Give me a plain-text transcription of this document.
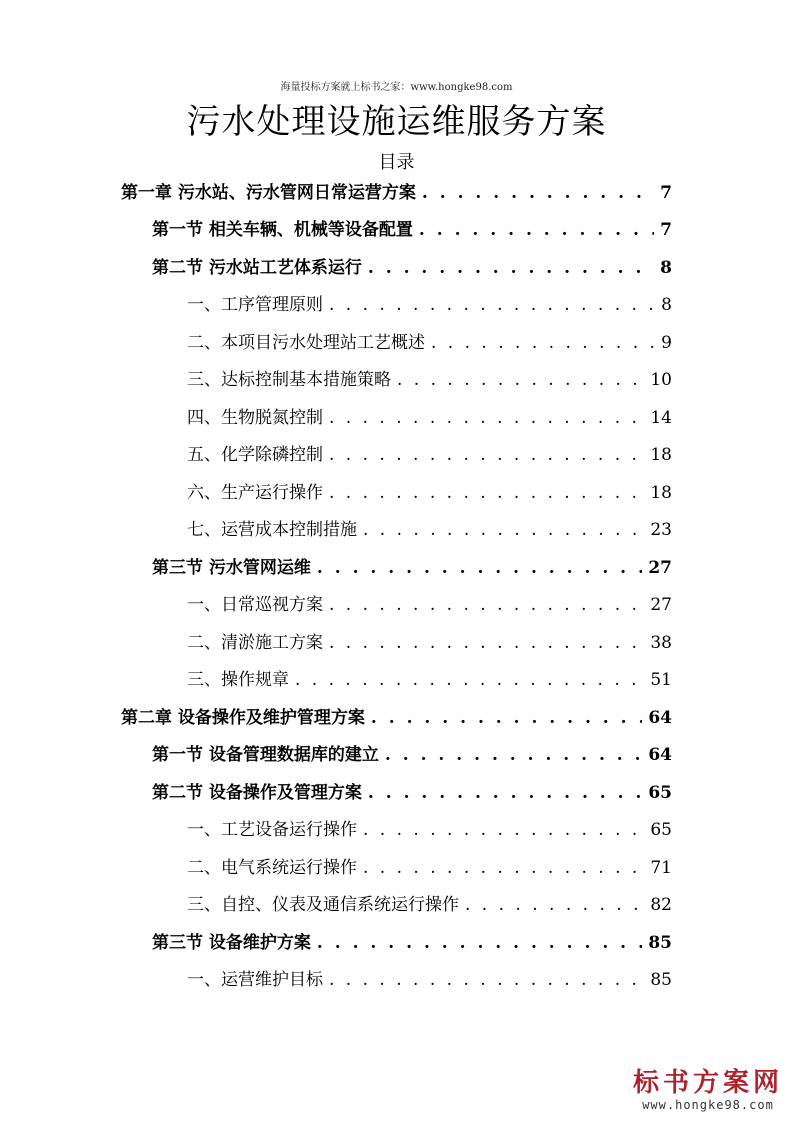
海量投标方案就上标书之家：www.hongke98.com
污水处理设施运维服务方案
目录
第一章 污水站、污水管网日常运营方案 . . .	7
第一节 相关车辆、机械等设备配置 . . .	7
第二节 污水站工艺体系运行 . . .	8
一、工序管理原则 . . .	8
二、本项目污水处理站工艺概述 . . .	9
三、达标控制基本措施策略 . . .	10
四、生物脱氮控制 . . .	14
五、化学除磷控制 . . .	18
六、生产运行操作 . . .	18
七、运营成本控制措施 . . .	23
第三节 污水管网运维 . . .	27
一、日常巡视方案 . . .	27
二、清淤施工方案 . . .	38
三、操作规章 . . .	51
第二章 设备操作及维护管理方案 . . .	64
第一节 设备管理数据库的建立 . . .	64
第二节 设备操作及管理方案 . . .	65
一、工艺设备运行操作 . . .	65
二、电气系统运行操作 . . .	71
三、自控、仪表及通信系统运行操作 . . .	82
第三节 设备维护方案 . . .	85
一、运营维护目标 . . .	85
标书方案网
www.hongke98.com
